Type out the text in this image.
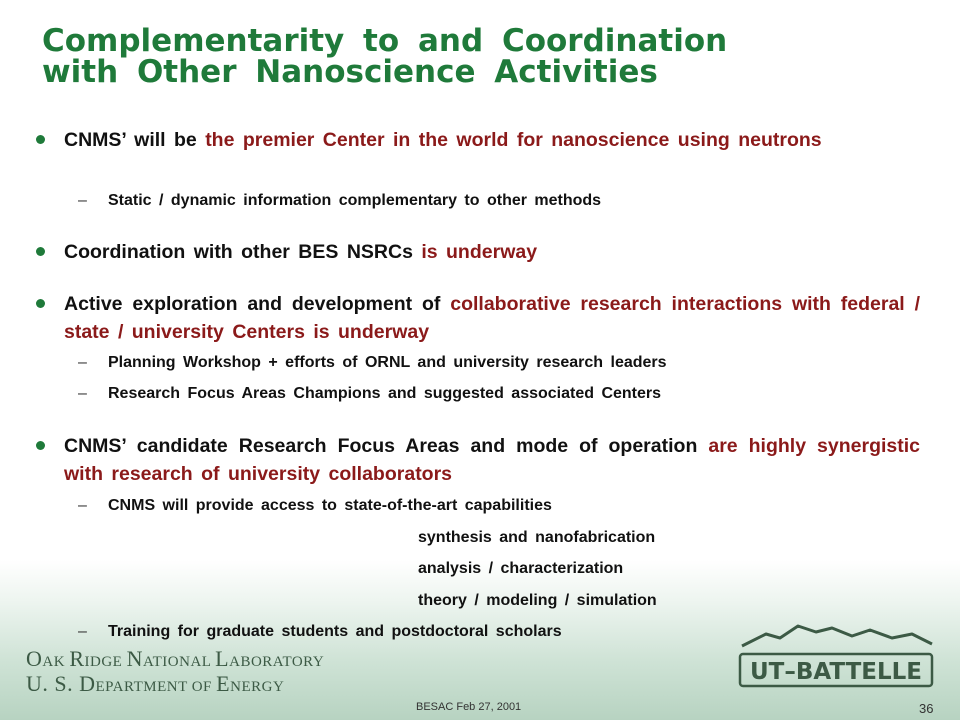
Complementarity to and Coordination
with Other Nanoscience Activities
CNMS’ will be the premier Center in the world for nanoscience using neutrons
– Static / dynamic information complementary to other methods
Coordination with other BES NSRCs is underway
Active exploration and development of collaborative research interactions with federal / state / university Centers is underway
– Planning Workshop + efforts of ORNL and university research leaders
– Research Focus Areas Champions and suggested associated Centers
CNMS’ candidate Research Focus Areas and mode of operation are highly synergistic with research of university collaborators
– CNMS will provide access to state-of-the-art capabilities
synthesis and nanofabrication
analysis / characterization
theory / modeling / simulation
– Training for graduate students and postdoctoral scholars
OAK RIDGE NATIONAL LABORATORY
U. S. DEPARTMENT OF ENERGY
UT–BATTELLE
BESAC Feb 27, 2001	36
